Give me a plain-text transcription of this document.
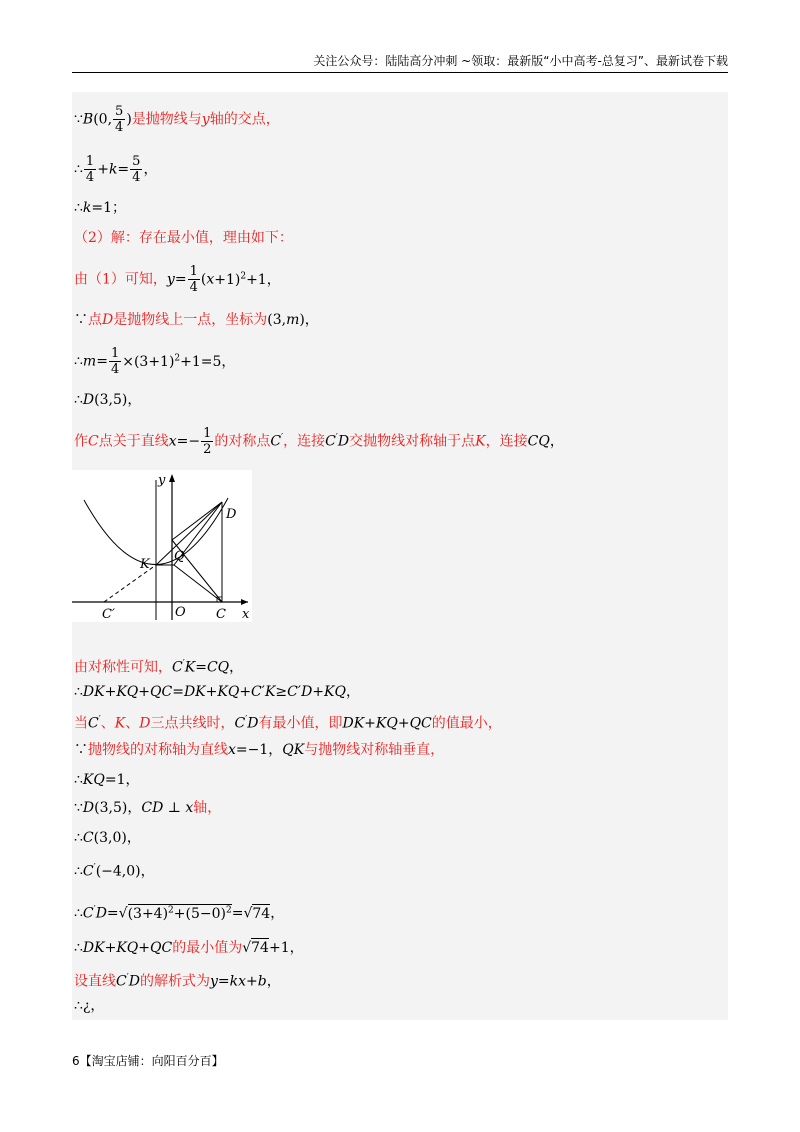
关注公众号：陆陆高分冲刺 ~领取：最新版“小中高考-总复习”、最新试卷下载
∵B(0, $\frac{5}{4}$ )是抛物线与y轴的交点，
∴ $\frac{1}{4} +k= \frac{5}{4}$ ，
∴k=1；
（2）解：存在最小值，理由如下：
由（1）可知，$y= \frac{1}{4} (x+1)^2+1$，
∵点D是抛物线上一点，坐标为(3,m)，
∴m= $\frac{1}{4} \times(3+1)^2+1=5$，
∴D(3,5)，
作C点关于直线$x=- \frac{1}{2}$ 的对称点C′，连接C′D交抛物线对称轴于点K，连接CQ，
y
x
D
K
Q
C
C′	O
由对称性可知，C′K=CQ，
∴DK+KQ+QC=DK+KQ+C′K≥C′D+KQ，
当C′、K、D三点共线时，C′D有最小值，即DK+KQ+QC的值最小，
∵抛物线的对称轴为直线x=−1，QK与抛物线对称轴垂直，
∴KQ=1，
∵D(3,5)，CD ⊥ x轴，
∴C(3,0)，
∴C′(−4,0)，
$\therefore C'D=√(3+4)^2+(5-0)^2=√74$，
∴DK+KQ+QC的最小值为√74+1，
设直线C′D的解析式为y=kx+b，
∴¿，
6【淘宝店铺：向阳百分百】
